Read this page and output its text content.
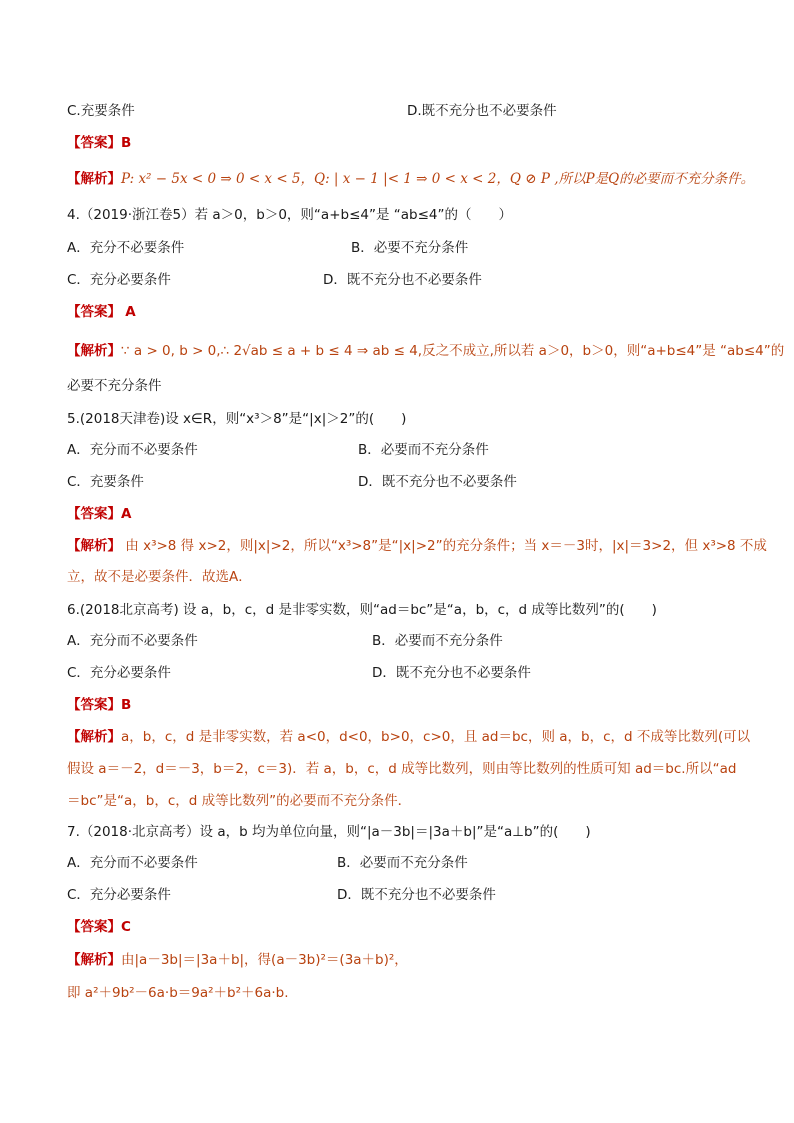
C.充要条件	D.既不充分也不必要条件
【答案】B
【解析】P: x² − 5x < 0 ⇒ 0 < x < 5，Q: | x − 1 |< 1 ⇒ 0 < x < 2，Q ⊘ P ,所以P是Q的必要而不充分条件。
4.（2019·浙江卷5）若 a＞0，b＞0，则“a+b≤4”是 “ab≤4”的（　　）
A．充分不必要条件	B．必要不充分条件
C．充分必要条件	D．既不充分也不必要条件
【答案】 A
【解析】∵ a > 0, b > 0,∴ 2√ab ≤ a + b ≤ 4 ⇒ ab ≤ 4,反之不成立,所以若 a＞0，b＞0，则“a+b≤4”是 “ab≤4”的
必要不充分条件
5.(2018天津卷)设 x∈R，则“x³＞8”是“|x|＞2”的(　　)
A．充分而不必要条件	B．必要而不充分条件
C．充要条件	D．既不充分也不必要条件
【答案】A
【解析】 由 x³>8 得 x>2，则|x|>2，所以“x³>8”是“|x|>2”的充分条件；当 x＝－3时，|x|＝3>2，但 x³>8 不成
立，故不是必要条件．故选A．
6.(2018北京高考) 设 a，b，c，d 是非零实数，则“ad＝bc”是“a，b，c，d 成等比数列”的(　　)
A．充分而不必要条件	B．必要而不充分条件
C．充分必要条件	D．既不充分也不必要条件
【答案】B
【解析】a，b，c，d 是非零实数，若 a<0，d<0，b>0，c>0，且 ad＝bc，则 a，b，c，d 不成等比数列(可以
假设 a＝－2，d＝－3，b＝2，c＝3)．若 a，b，c，d 成等比数列，则由等比数列的性质可知 ad＝bc.所以“ad
＝bc”是“a，b，c，d 成等比数列”的必要而不充分条件．
7.（2018·北京高考）设 a，b 均为单位向量，则“|a－3b|＝|3a＋b|”是“a⊥b”的(　　)
A．充分而不必要条件	B．必要而不充分条件
C．充分必要条件	D．既不充分也不必要条件
【答案】C
【解析】由|a－3b|＝|3a＋b|，得(a－3b)²＝(3a＋b)²，
即 a²＋9b²－6a·b＝9a²＋b²＋6a·b.
